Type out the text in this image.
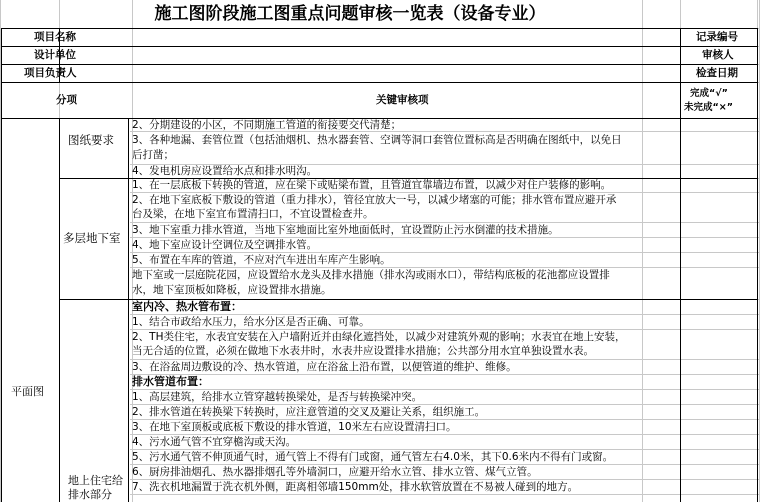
施工图阶段施工图重点问题审核一览表（设备专业）
项目名称
设计单位
项目负责人
记录编号
审核人
检查日期
分项	关键审核项
完成“√”
未完成“×”
平面图
图纸要求
多层地下室
地上住宅给
排水部分
2、分期建设的小区，不同期施工管道的衔接要交代清楚；
3、各种地漏、套管位置（包括油烟机、热水器套管、空调等洞口套管位置标高是否明确在图纸中，以免日
后打凿；
4、发电机房应设置给水点和排水明沟。
1、在一层底板下转换的管道，应在梁下或贴梁布置，且管道宜靠墙边布置，以减少对住户装修的影响。
2、在地下室底板下敷设的管道（重力排水），管径宜放大一号，以减少堵塞的可能；排水管布置应避开承
台及梁，在地下室宜布置清扫口，不宜设置检查井。
3、地下室重力排水管道，当地下室地面比室外地面低时，宜设置防止污水倒灌的技术措施。
4、地下室应设计空调位及空调排水管。
5、布置在车库的管道，不应对汽车进出车库产生影响。
地下室或一层庭院花园，应设置给水龙头及排水措施（排水沟或雨水口），带结构底板的花池都应设置排
水，地下室顶板如降板，应设置排水措施。
室内冷、热水管布置：
1、结合市政给水压力，给水分区是否正确、可靠。
2、TH类住宅，水表宜安装在入户墙附近并由绿化遮挡处，以减少对建筑外观的影响；水表宜在地上安装，
当无合适的位置，必须在做地下水表井时，水表井应设置排水措施；公共部分用水宜单独设置水表。
3、在浴盆周边敷设的冷、热水管道，应在浴盆上沿布置，以便管道的维护、维修。
排水管道布置：
1、高层建筑，给排水立管穿越转换梁处，是否与转换梁冲突。
2、排水管道在转换梁下转换时，应注意管道的交叉及避让关系，组织施工。
3、在地下室顶板或底板下敷设的排水管道，10米左右应设置清扫口。
4、污水通气管不宜穿檐沟或天沟。
5、污水通气管不伸顶通气时，通气管上不得有门或窗，通气管左右4.0米，其下0.6米内不得有门或窗。
6、厨房排油烟孔、热水器排烟孔等外墙洞口，应避开给水立管、排水立管、煤气立管。
7、洗衣机地漏置于洗衣机外侧，距离相邻墙150mm处，排水软管放置在不易被人碰到的地方。
